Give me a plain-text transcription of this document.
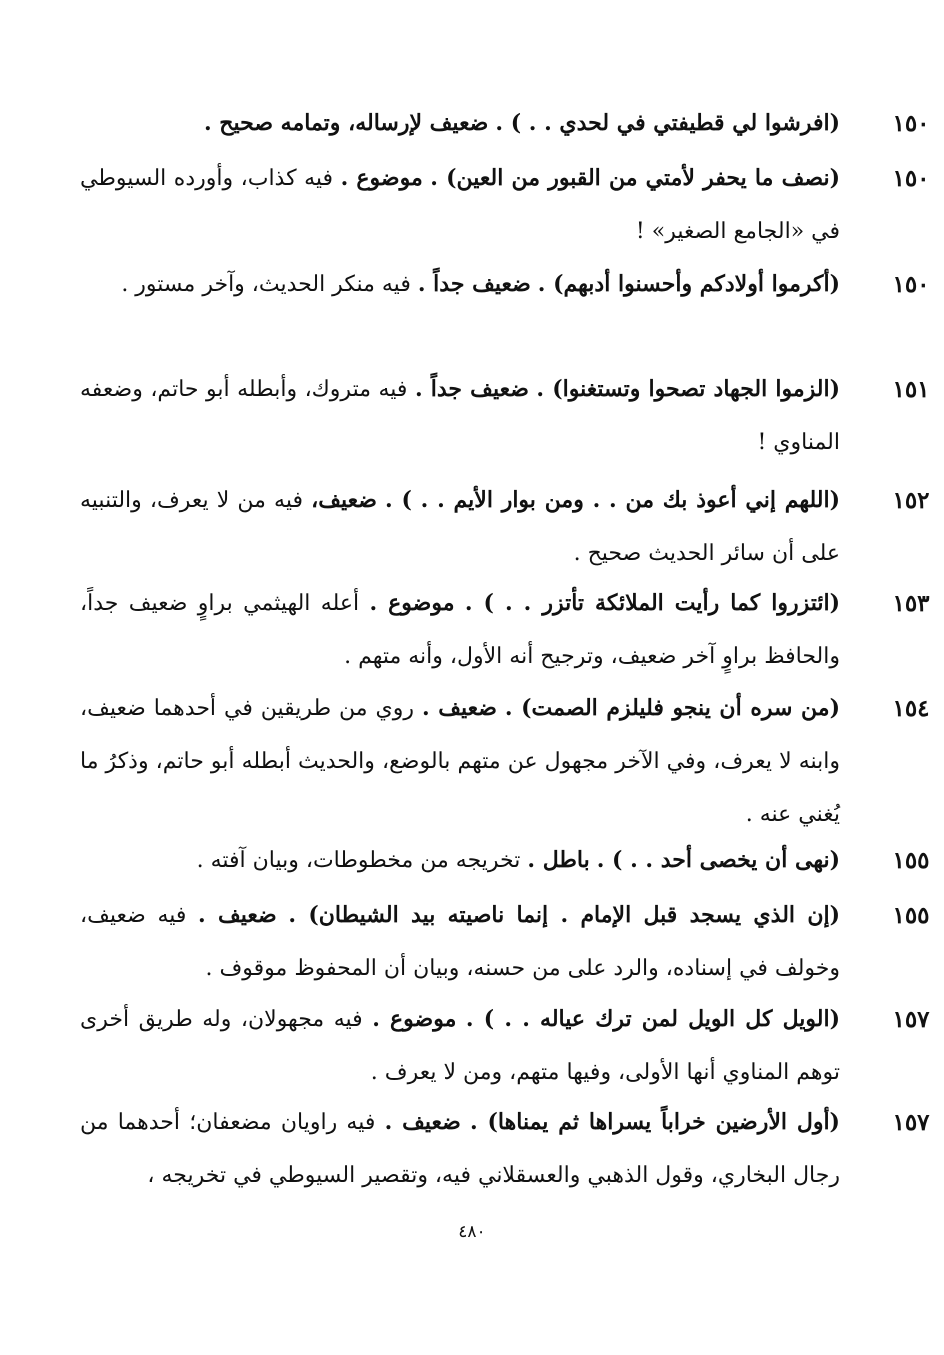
١٥٠
(افرشوا لي قطيفتي في لحدي . . ) . ضعيف لإرساله، وتمامه صحيح .
١٥٠
(نصف ما يحفر لأمتي من القبور من العين) . موضوع . فيه كذاب، وأورده السيوطي في «الجامع الصغير» !
١٥٠
(أكرموا أولادكم وأحسنوا أدبهم) . ضعيف جداً . فيه منكر الحديث، وآخر مستور .
١٥١
(الزموا الجهاد تصحوا وتستغنوا) . ضعيف جداً . فيه متروك، وأبطله أبو حاتم، وضعفه المناوي !
١٥٢
(اللهم إني أعوذ بك من . . ومن بوار الأيم . . ) . ضعيف، فيه من لا يعرف، والتنبيه على أن سائر الحديث صحيح .
١٥٣
(ائتزروا كما رأيت الملائكة تأتزر . . ) . موضوع . أعله الهيثمي براوٍ ضعيف جداً، والحافظ براوٍ آخر ضعيف، وترجيح أنه الأول، وأنه متهم .
١٥٤
(من سره أن ينجو فليلزم الصمت) . ضعيف . روي من طريقين في أحدهما ضعيف، وابنه لا يعرف، وفي الآخر مجهول عن متهم بالوضع، والحديث أبطله أبو حاتم، وذكرُ ما يُغني عنه .
١٥٥
(نهى أن يخصى أحد . . ) . باطل . تخريجه من مخطوطات، وبيان آفته .
١٥٥
(إن الذي يسجد قبل الإمام . إنما ناصيته بيد الشيطان) . ضعيف . فيه ضعيف، وخولف في إسناده، والرد على من حسنه، وبيان أن المحفوظ موقوف .
١٥٧
(الويل كل الويل لمن ترك عياله . . ) . موضوع . فيه مجهولان، وله طريق أخرى توهم المناوي أنها الأولى، وفيها متهم، ومن لا يعرف .
١٥٧
(أول الأرضين خراباً يسراها ثم يمناها) . ضعيف . فيه راويان مضعفان؛ أحدهما من رجال البخاري، وقول الذهبي والعسقلاني فيه، وتقصير السيوطي في تخريجه ،
٤٨٠
